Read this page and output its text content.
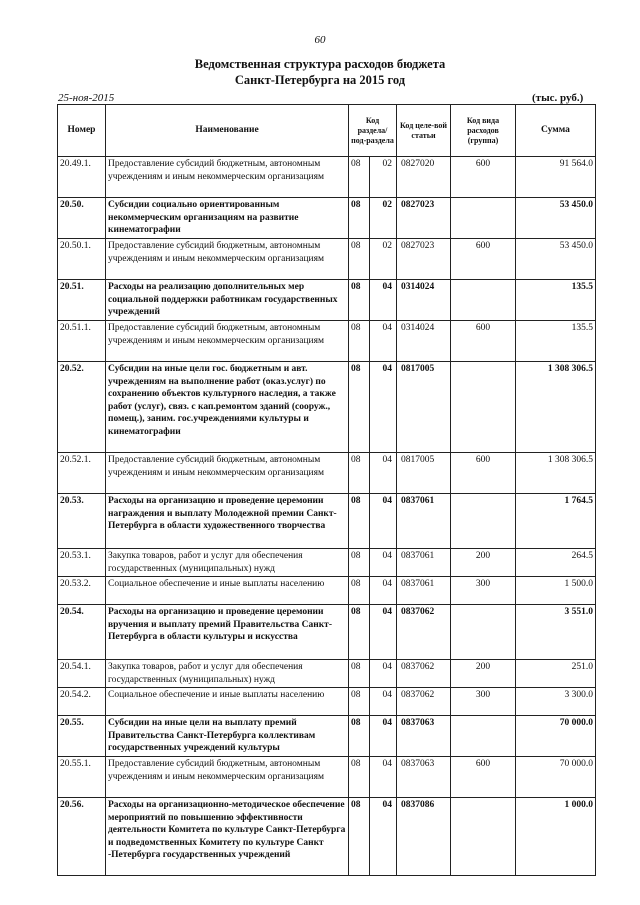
60
Ведомственная структура расходов бюджета
Санкт-Петербурга на 2015 год
25-ноя-2015	(тыс. руб.)
Номер	Наименование	Код раздела/ под-раздела		Код целе-вой статьи	Код вида расходов (группа)	Сумма
20.49.1.	Предоставление субсидий бюджетным, автономным учреждениям и иным некоммерческим организациям	08	02	0827020	600	91 564.0
20.50.	Субсидии социально ориентированным некоммерческим организациям на развитие кинематографии	08	02	0827023		53 450.0
20.50.1.	Предоставление субсидий бюджетным, автономным учреждениям и иным некоммерческим организациям	08	02	0827023	600	53 450.0
20.51.	Расходы на реализацию дополнительных мер социальной поддержки работникам государственных учреждений	08	04	0314024		135.5
20.51.1.	Предоставление субсидий бюджетным, автономным учреждениям и иным некоммерческим организациям	08	04	0314024	600	135.5
20.52.	Субсидии на иные цели гос. бюджетным и авт. учреждениям на выполнение работ (оказ.услуг) по сохранению объектов культурного наследия, а также работ (услуг), связ. с кап.ремонтом зданий (сооруж., помещ.), заним. гос.учреждениями культуры и кинематографии	08	04	0817005		1 308 306.5
20.52.1.	Предоставление субсидий бюджетным, автономным учреждениям и иным некоммерческим организациям	08	04	0817005	600	1 308 306.5
20.53.	Расходы на организацию и проведение церемонии награждения и выплату Молодежной премии Санкт-Петербурга в области художественного творчества	08	04	0837061		1 764.5
20.53.1.	Закупка товаров, работ и услуг для обеспечения государственных (муниципальных) нужд	08	04	0837061	200	264.5
20.53.2.	Социальное обеспечение и иные выплаты населению	08	04	0837061	300	1 500.0
20.54.	Расходы на организацию и проведение церемонии вручения и выплату премий Правительства Санкт-Петербурга в области культуры и искусства	08	04	0837062		3 551.0
20.54.1.	Закупка товаров, работ и услуг для обеспечения государственных (муниципальных) нужд	08	04	0837062	200	251.0
20.54.2.	Социальное обеспечение и иные выплаты населению	08	04	0837062	300	3 300.0
20.55.	Субсидии на иные цели на выплату премий Правительства Санкт-Петербурга коллективам государственных учреждений культуры	08	04	0837063		70 000.0
20.55.1.	Предоставление субсидий бюджетным, автономным учреждениям и иным некоммерческим организациям	08	04	0837063	600	70 000.0
20.56.	Расходы на организационно-методическое обеспечение мероприятий по повышению эффективности деятельности Комитета по культуре Санкт-Петербурга и подведомственных Комитету по культуре Санкт -Петербурга государственных учреждений	08	04	0837086		1 000.0
